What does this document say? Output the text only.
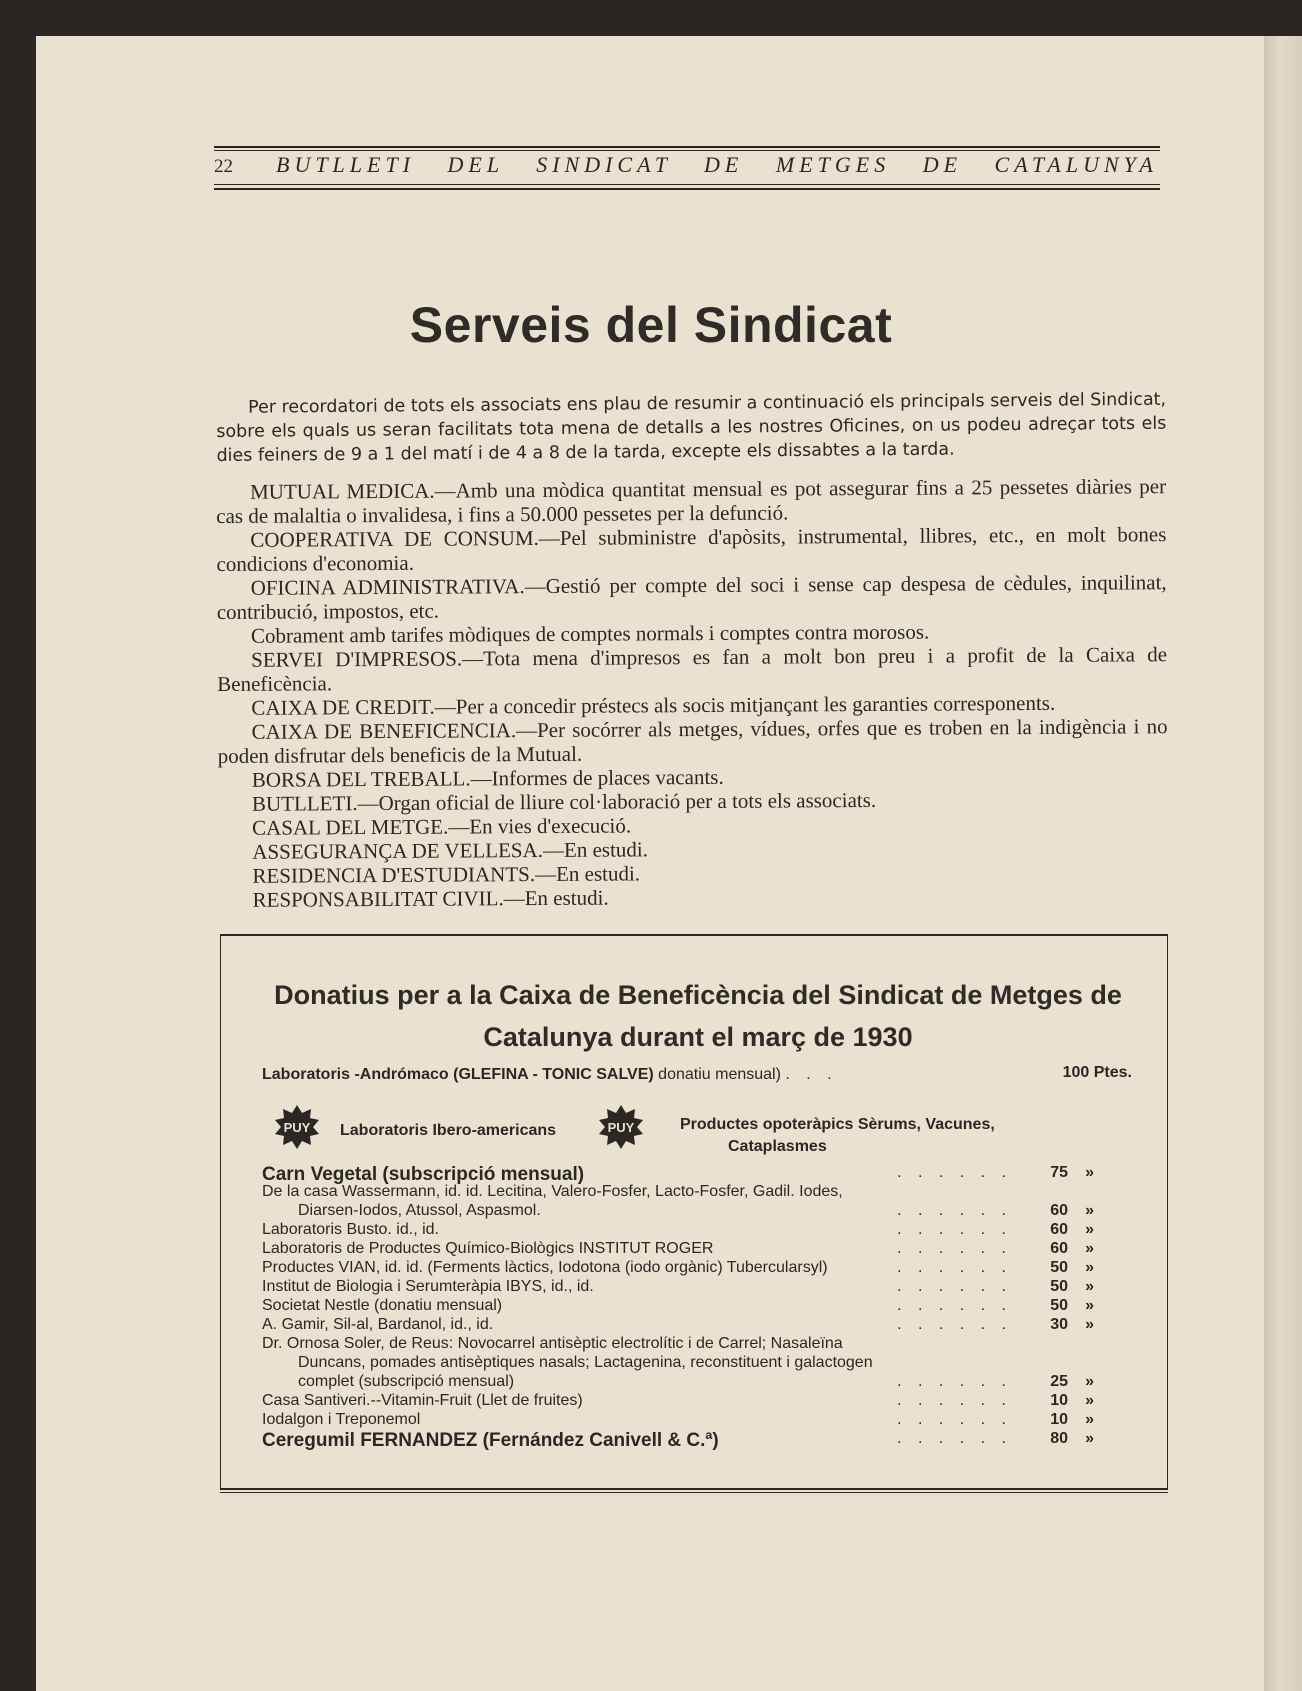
22 BUTLLETI DEL SINDICAT DE METGES DE CATALUNYA
Serveis del Sindicat

Per recordatori de tots els associats ens plau de resumir a continuació els principals serveis del Sindicat, sobre els quals us seran facilitats tota mena de detalls a les nostres Oficines, on us podeu adreçar tots els dies feiners de 9 a 1 del matí i de 4 a 8 de la tarda, excepte els dissabtes a la tarda.

MUTUAL MEDICA.—Amb una mòdica quantitat mensual es pot assegurar fins a 25 pessetes diàries per cas de malaltia o invalidesa, i fins a 50.000 pessetes per la defunció.

COOPERATIVA DE CONSUM.—Pel subministre d'apòsits, instrumental, llibres, etc., en molt bones condicions d'economia.

OFICINA ADMINISTRATIVA.—Gestió per compte del soci i sense cap despesa de cèdules, inquilinat, contribució, impostos, etc.

Cobrament amb tarifes mòdiques de comptes normals i comptes contra morosos.

SERVEI D'IMPRESOS.—Tota mena d'impresos es fan a molt bon preu i a profit de la Caixa de Beneficència.

CAIXA DE CREDIT.—Per a concedir préstecs als socis mitjançant les garanties corresponents.

CAIXA DE BENEFICENCIA.—Per socórrer als metges, vídues, orfes que es troben en la indigència i no poden disfrutar dels beneficis de la Mutual.

BORSA DEL TREBALL.—Informes de places vacants.

BUTLLETI.—Organ oficial de lliure col·laboració per a tots els associats.

CASAL DEL METGE.—En vies d'execució.

ASSEGURANÇA DE VELLESA.—En estudi.

RESIDENCIA D'ESTUDIANTS.—En estudi.

RESPONSABILITAT CIVIL.—En estudi.

Donatius per a la Caixa de Beneficència del Sindicat de Metges de Catalunya durant el març de 1930
Laboratoris -Andrómaco (GLEFINA - TONIC SALVE) donatiu mensual) . . .	100 Ptes.
PUY Laboratoris Ibero-americans	PUY	Productes opoteràpics Sèrums, Vacunes,
Cataplasmes
Carn Vegetal (subscripció mensual)	. . . . . .	75 »
De la casa Wassermann, id. id. Lecitina, Valero-Fosfer, Lacto-Fosfer, Gadil. Iodes,
Diarsen-Iodos, Atussol, Aspasmol.	. . . . . .	60 »
Laboratoris Busto. id., id.	. . . . . .	60 »
Laboratoris de Productes Químico-Biològics INSTITUT ROGER	. . . . . .	60 »
Productes VIAN, id. id. (Ferments làctics, Iodotona (iodo orgànic) Tubercularsyl)	. . . . . .	50 »
Institut de Biologia i Serumteràpia IBYS, id., id.	. . . . . .	50 »
Societat Nestle (donatiu mensual)	. . . . . .	50 »
A. Gamir, Sil-al, Bardanol, id., id.	. . . . . .	30 »
Dr. Ornosa Soler, de Reus: Novocarrel antisèptic electrolític i de Carrel; Nasaleïna
Duncans, pomades antisèptiques nasals; Lactagenina, reconstituent i galactogen
complet (subscripció mensual)	. . . . . .	25 »
Casa Santiveri.--Vitamin-Fruit (Llet de fruites)	. . . . . .	10 »
Iodalgon i Treponemol	. . . . . .	10 »
Ceregumil FERNANDEZ (Fernández Canivell & C.ª)	. . . . . .	80 »
